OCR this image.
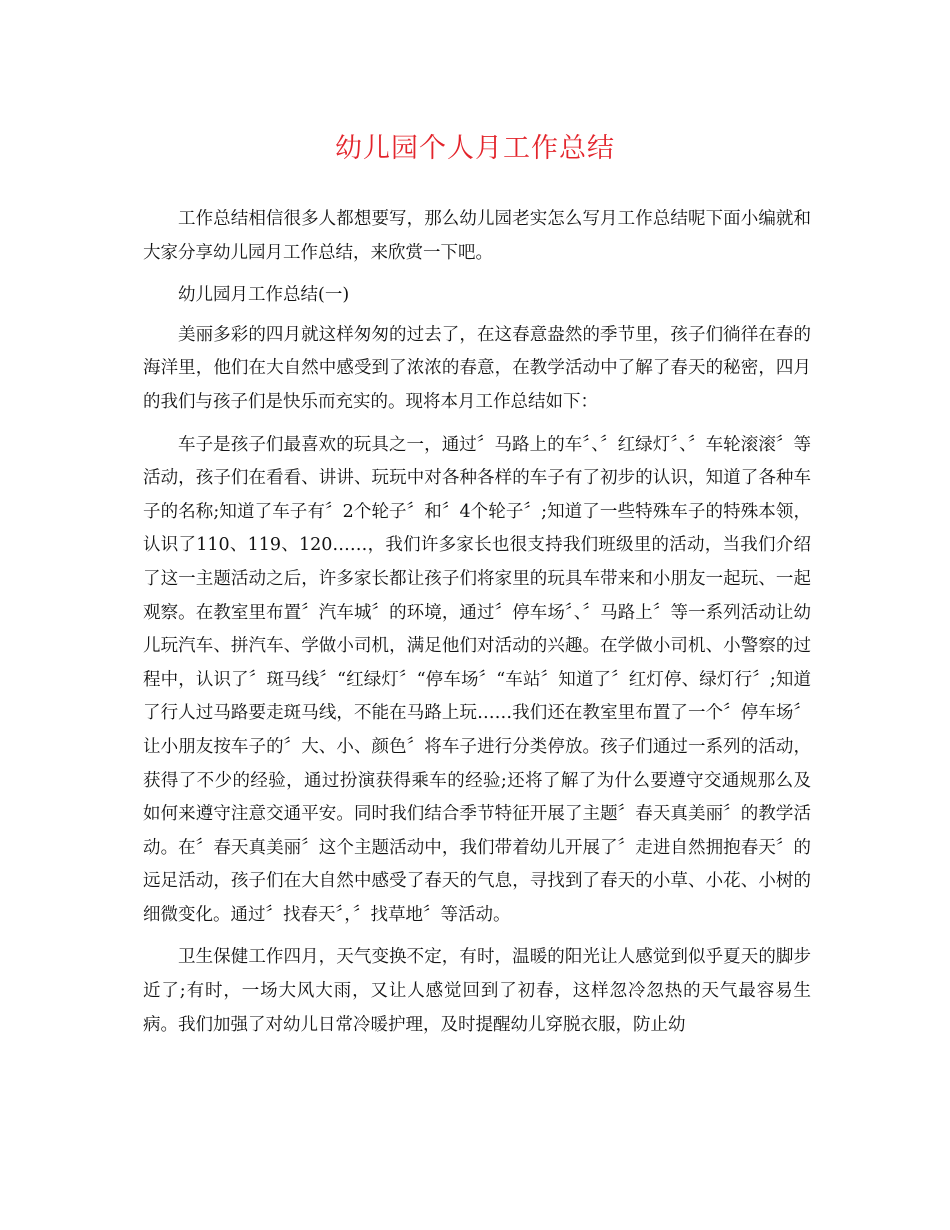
幼儿园个人月工作总结

工作总结相信很多人都想要写，那么幼儿园老实怎么写月工作总结呢下面小编就和大家分享幼儿园月工作总结，来欣赏一下吧。

幼儿园月工作总结(一)

美丽多彩的四月就这样匆匆的过去了，在这春意盎然的季节里，孩子们徜徉在春的海洋里，他们在大自然中感受到了浓浓的春意，在教学活动中了解了春天的秘密，四月的我们与孩子们是快乐而充实的。现将本月工作总结如下：

车子是孩子们最喜欢的玩具之一，通过〞马路上的车〞、〞红绿灯〞、〞车轮滚滚〞等活动，孩子们在看看、讲讲、玩玩中对各种各样的车子有了初步的认识，知道了各种车子的名称;知道了车子有〞2个轮子〞和〞4个轮子〞;知道了一些特殊车子的特殊本领，认识了110、119、120……，我们许多家长也很支持我们班级里的活动，当我们介绍了这一主题活动之后，许多家长都让孩子们将家里的玩具车带来和小朋友一起玩、一起观察。在教室里布置〞汽车城〞的环境，通过〞停车场〞、〞马路上〞等一系列活动让幼儿玩汽车、拼汽车、学做小司机，满足他们对活动的兴趣。在学做小司机、小警察的过程中，认识了〞斑马线〞“红绿灯〞“停车场〞“车站〞知道了〞红灯停、绿灯行〞;知道了行人过马路要走斑马线，不能在马路上玩……我们还在教室里布置了一个〞停车场〞让小朋友按车子的〞大、小、颜色〞将车子进行分类停放。孩子们通过一系列的活动，获得了不少的经验，通过扮演获得乘车的经验;还将了解了为什么要遵守交通规那么及如何来遵守注意交通平安。同时我们结合季节特征开展了主题〞春天真美丽〞的教学活动。在〞春天真美丽〞这个主题活动中，我们带着幼儿开展了〞走进自然拥抱春天〞的远足活动，孩子们在大自然中感受了春天的气息，寻找到了春天的小草、小花、小树的细微变化。通过〞找春天〞，〞找草地〞等活动。

卫生保健工作四月，天气变换不定，有时，温暖的阳光让人感觉到似乎夏天的脚步近了;有时，一场大风大雨，又让人感觉回到了初春，这样忽冷忽热的天气最容易生病。我们加强了对幼儿日常冷暖护理，及时提醒幼儿穿脱衣服，防止幼
